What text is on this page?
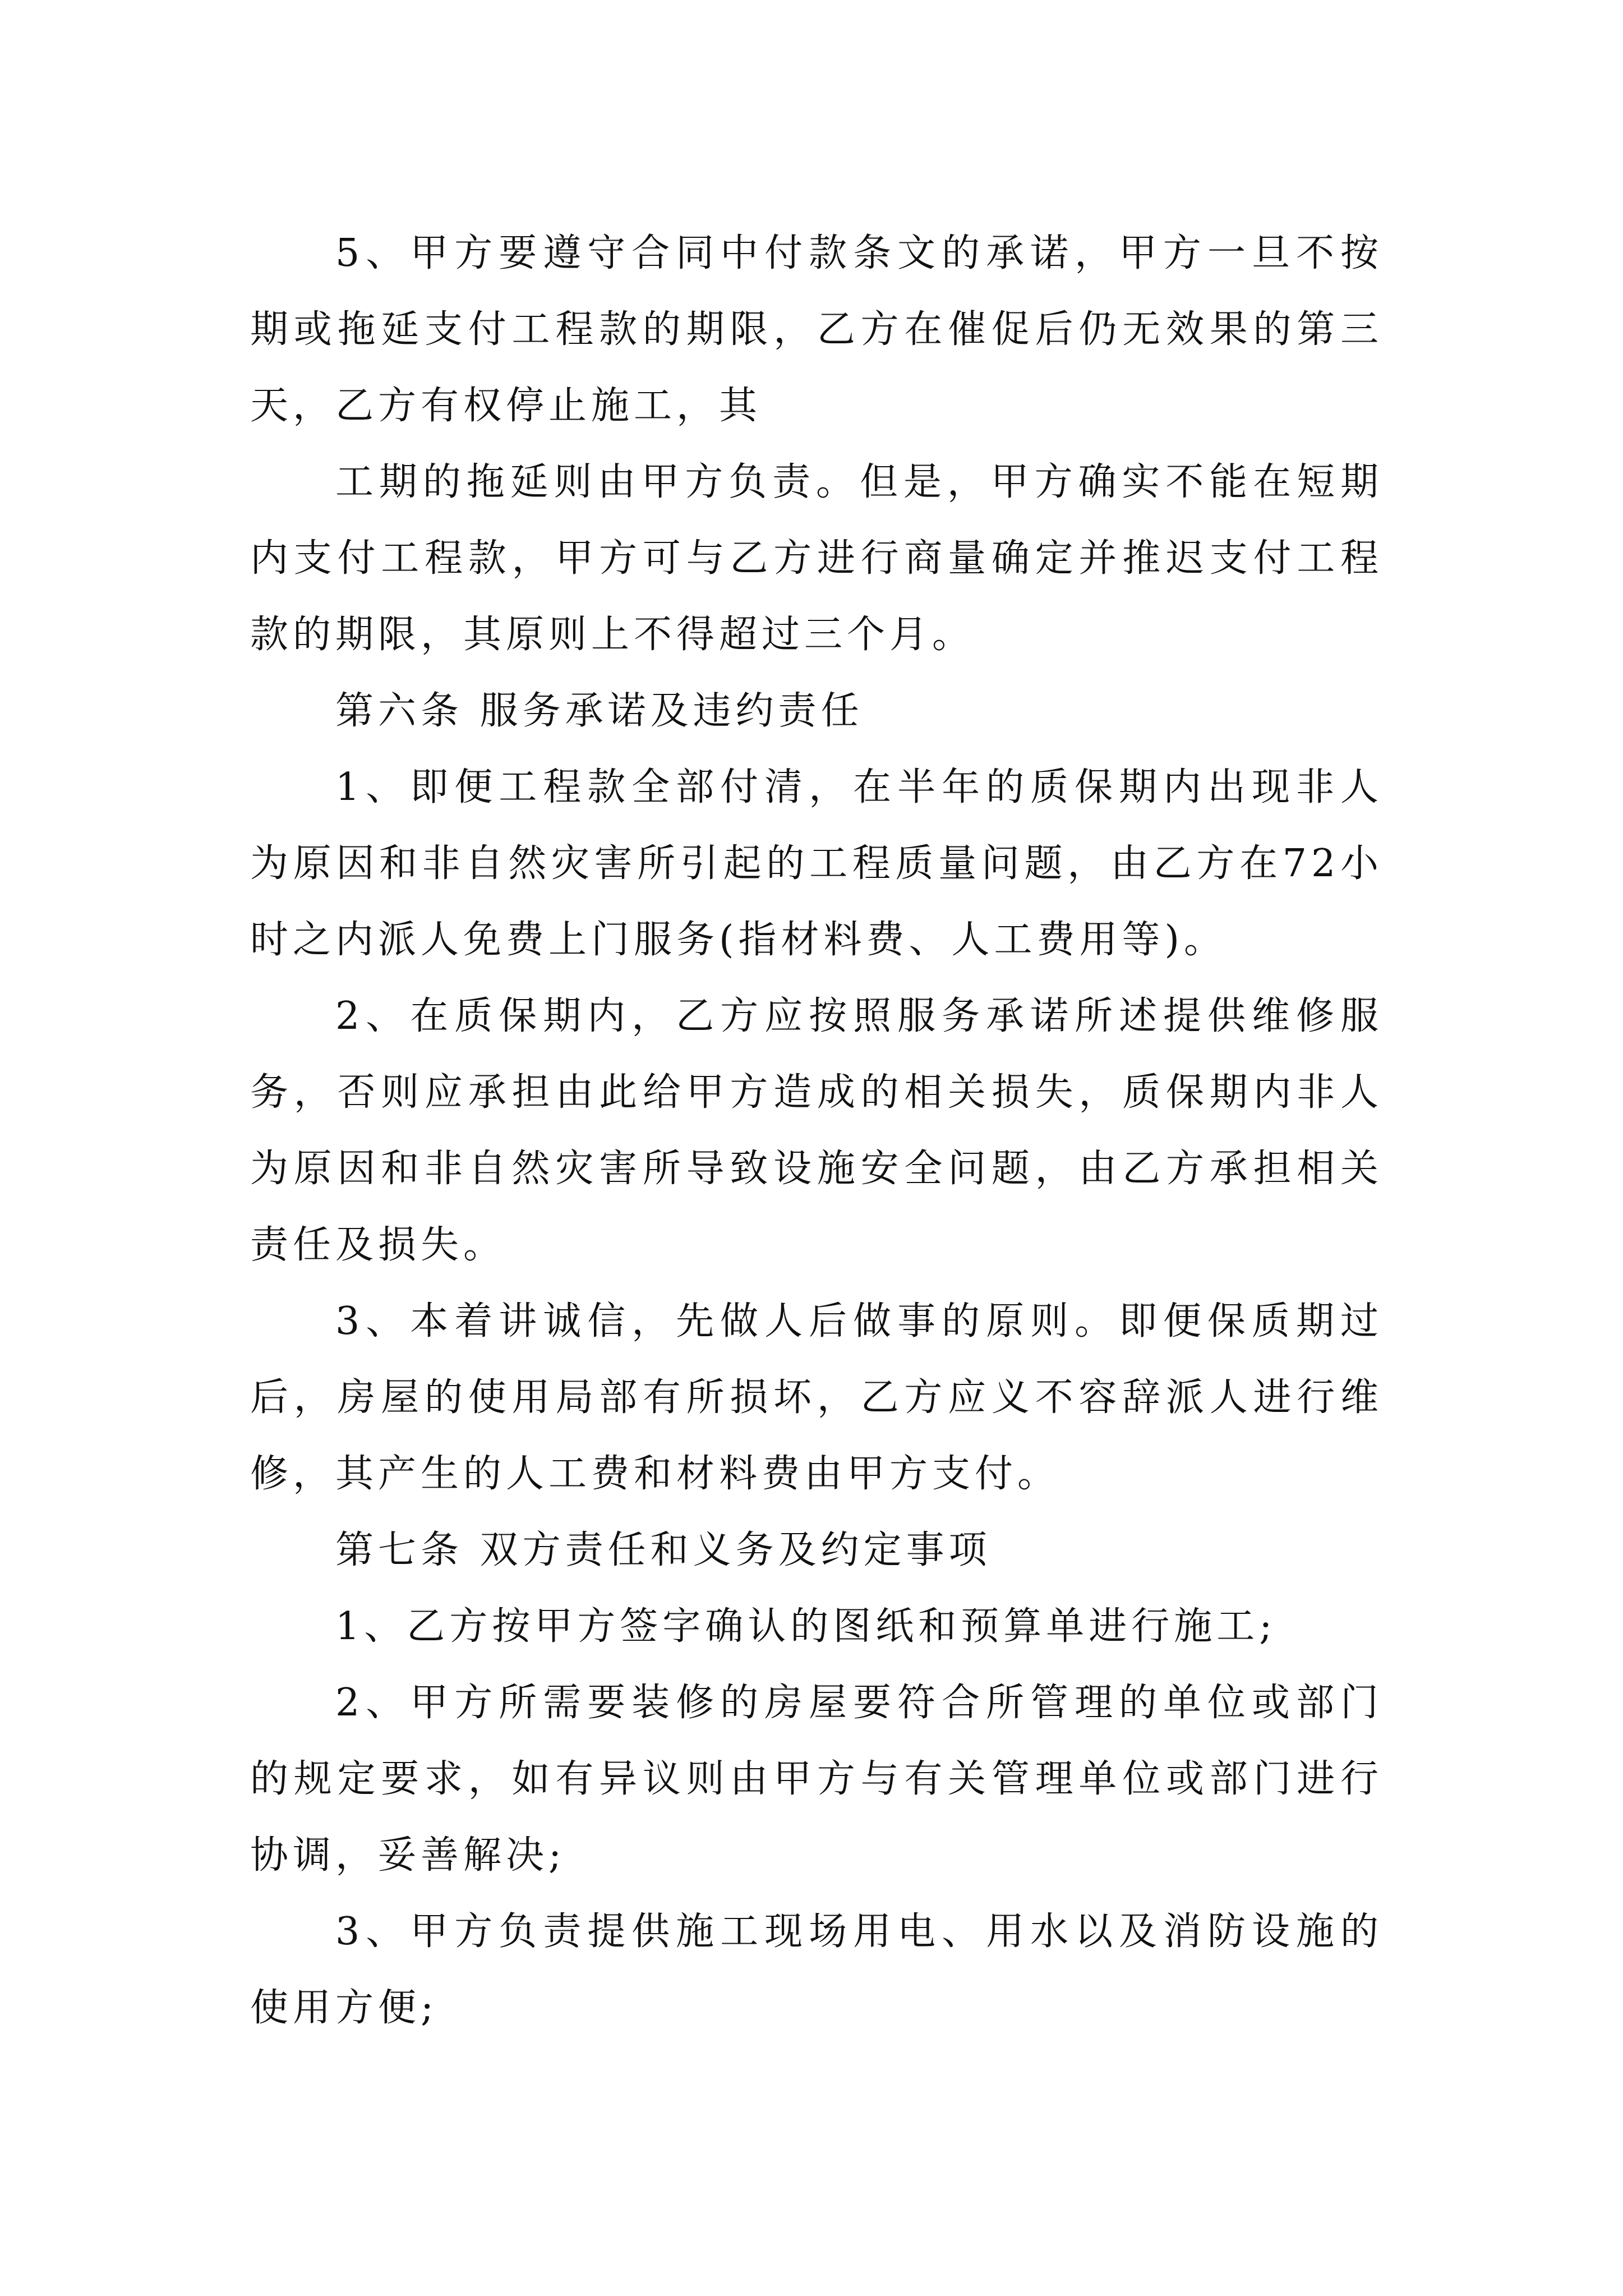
5、甲方要遵守合同中付款条文的承诺，甲方一旦不按期或拖延支付工程款的期限，乙方在催促后仍无效果的第三天，乙方有权停止施工，其

工期的拖延则由甲方负责。但是，甲方确实不能在短期内支付工程款，甲方可与乙方进行商量确定并推迟支付工程款的期限，其原则上不得超过三个月。

第六条 服务承诺及违约责任

1、即便工程款全部付清，在半年的质保期内出现非人为原因和非自然灾害所引起的工程质量问题，由乙方在72小时之内派人免费上门服务(指材料费、人工费用等)。

2、在质保期内，乙方应按照服务承诺所述提供维修服务，否则应承担由此给甲方造成的相关损失，质保期内非人为原因和非自然灾害所导致设施安全问题，由乙方承担相关责任及损失。

3、本着讲诚信，先做人后做事的原则。即便保质期过后，房屋的使用局部有所损坏，乙方应义不容辞派人进行维修，其产生的人工费和材料费由甲方支付。

第七条 双方责任和义务及约定事项

1、乙方按甲方签字确认的图纸和预算单进行施工;

2、甲方所需要装修的房屋要符合所管理的单位或部门的规定要求，如有异议则由甲方与有关管理单位或部门进行协调，妥善解决;

3、甲方负责提供施工现场用电、用水以及消防设施的使用方便;
